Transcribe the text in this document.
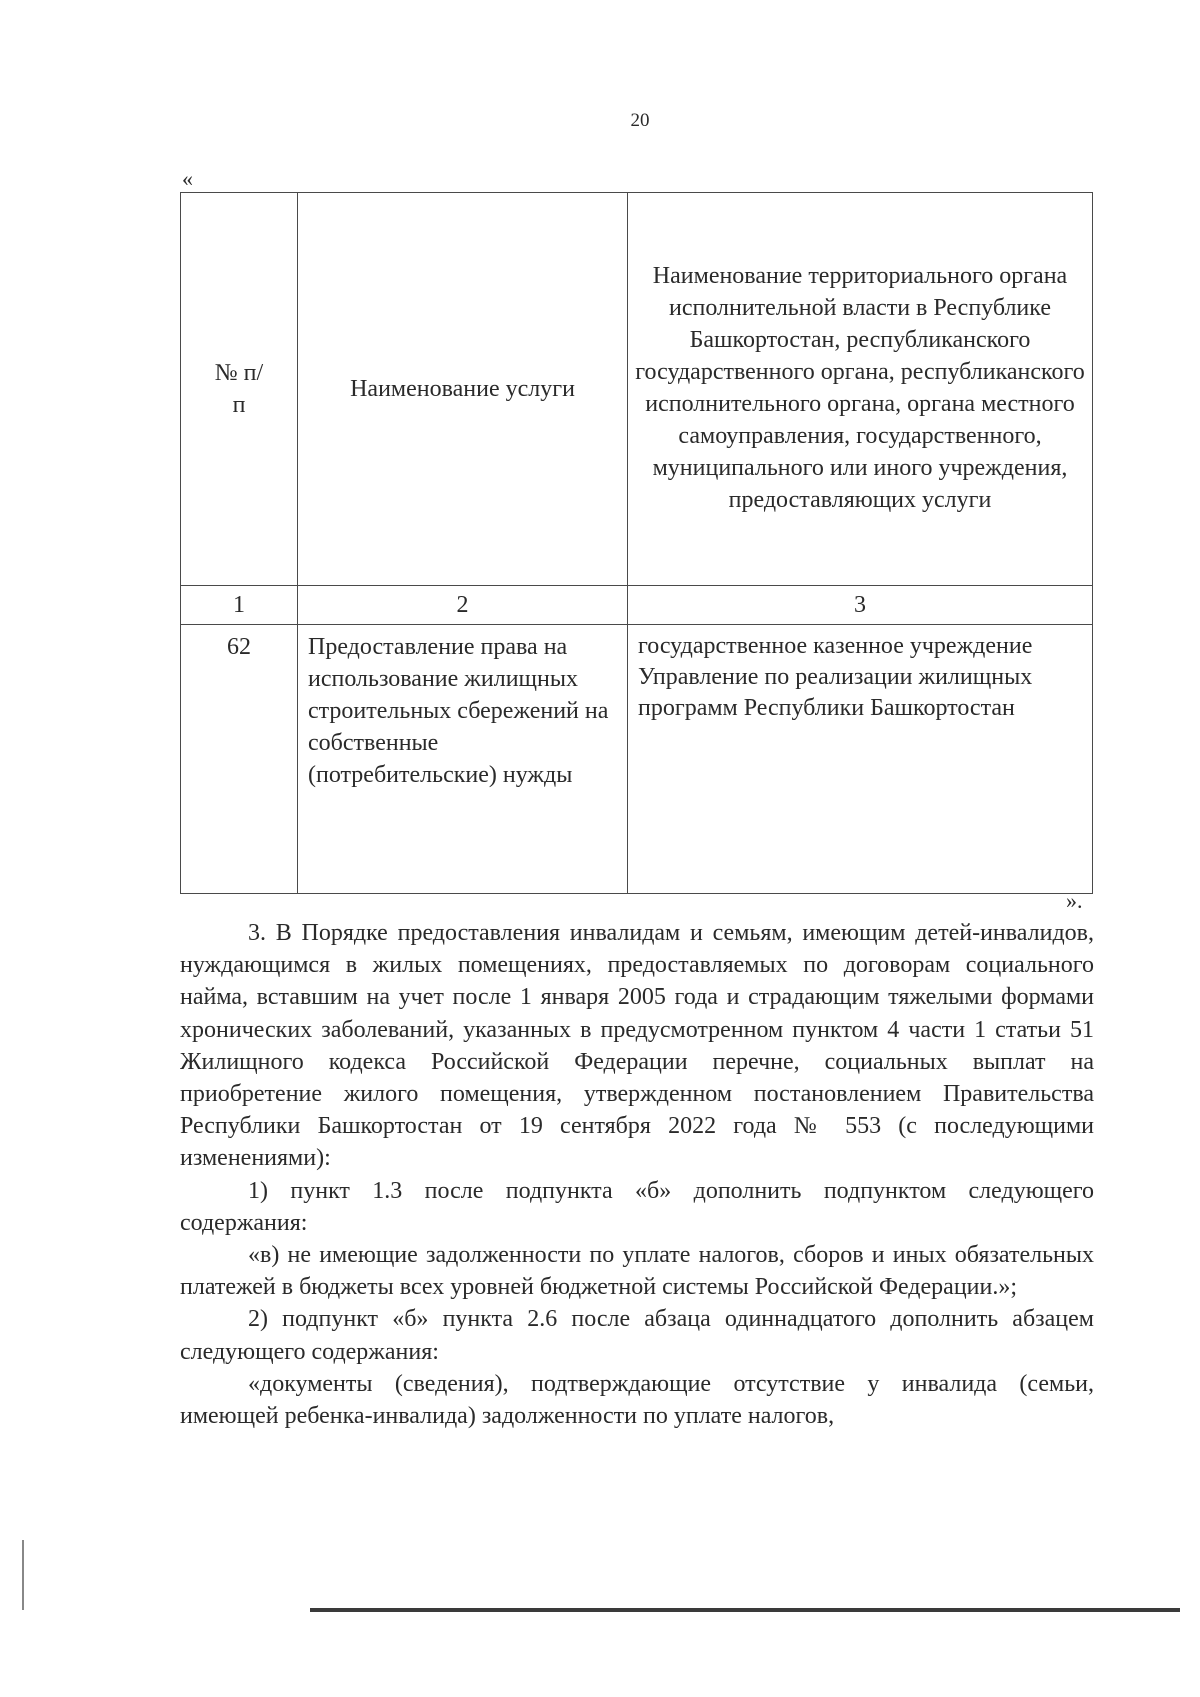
20
«
№ п/п	Наименование услуги	Наименование территориального органа исполнительной власти в Республике Башкортостан, республиканского государственного органа, республиканского исполнительного органа, органа местного самоуправления, государственного, муниципального или иного учреждения, предоставляющих услуги
1	2	3
62	Предоставление права на использование жилищных строительных сбережений на собственные (потребительские) нужды	государственное казенное учреждение Управление по реализации жилищных программ Республики Башкортостан
».

3. В Порядке предоставления инвалидам и семьям, имеющим детей-инвалидов, нуждающимся в жилых помещениях, предоставляемых по договорам социального найма, вставшим на учет после 1 января 2005 года и страдающим тяжелыми формами хронических заболеваний, указанных в предусмотренном пунктом 4 части 1 статьи 51 Жилищного кодекса Российской Федерации перечне, социальных выплат на приобретение жилого помещения, утвержденном постановлением Правительства Республики Башкортостан от 19 сентября 2022 года № 553 (с последующими изменениями):

1) пункт 1.3 после подпункта «б» дополнить подпунктом следующего содержания:

«в) не имеющие задолженности по уплате налогов, сборов и иных обязательных платежей в бюджеты всех уровней бюджетной системы Российской Федерации.»;

2) подпункт «б» пункта 2.6 после абзаца одиннадцатого дополнить абзацем следующего содержания:

«документы (сведения), подтверждающие отсутствие у инвалида (семьи, имеющей ребенка-инвалида) задолженности по уплате налогов,
